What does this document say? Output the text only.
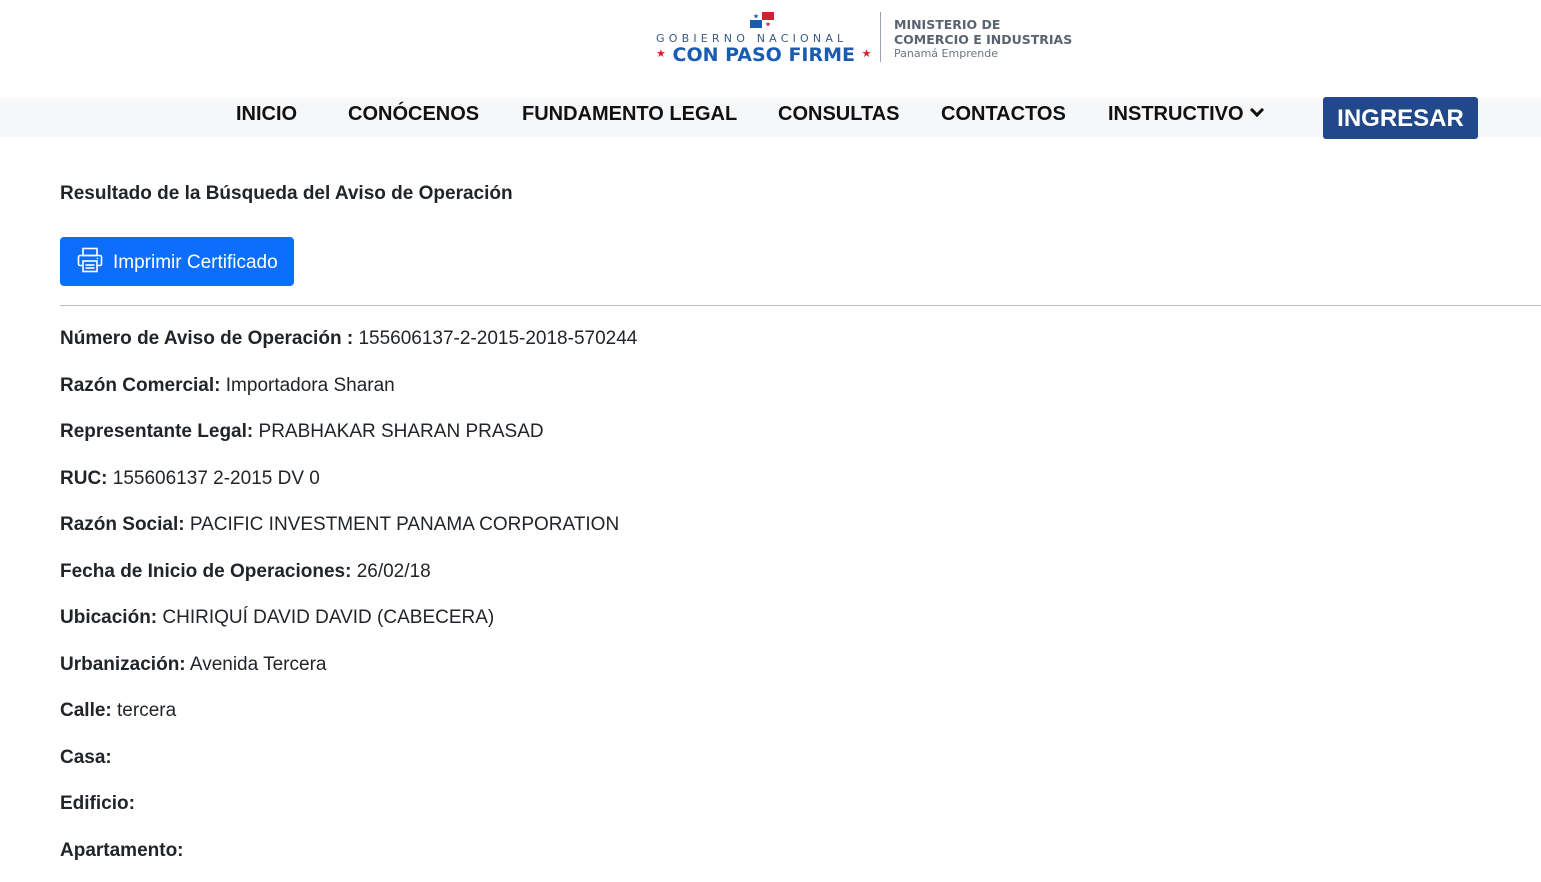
GOBIERNO NACIONAL
★ CON PASO FIRME ★
MINISTERIO DE
COMERCIO E INDUSTRIAS
Panamá Emprende
INICIO	CONÓCENOS FUNDAMENTO LEGAL CONSULTAS CONTACTOS INSTRUCTIVO	INGRESAR
Resultado de la Búsqueda del Aviso de Operación
Imprimir Certificado
Número de Aviso de Operación : 155606137-2-2015-2018-570244
Razón Comercial: Importadora Sharan
Representante Legal: PRABHAKAR SHARAN PRASAD
RUC: 155606137 2-2015 DV 0
Razón Social: PACIFIC INVESTMENT PANAMA CORPORATION
Fecha de Inicio de Operaciones: 26/02/18
Ubicación: CHIRIQUÍ DAVID DAVID (CABECERA)
Urbanización: Avenida Tercera
Calle: tercera
Casa:
Edificio:
Apartamento:
